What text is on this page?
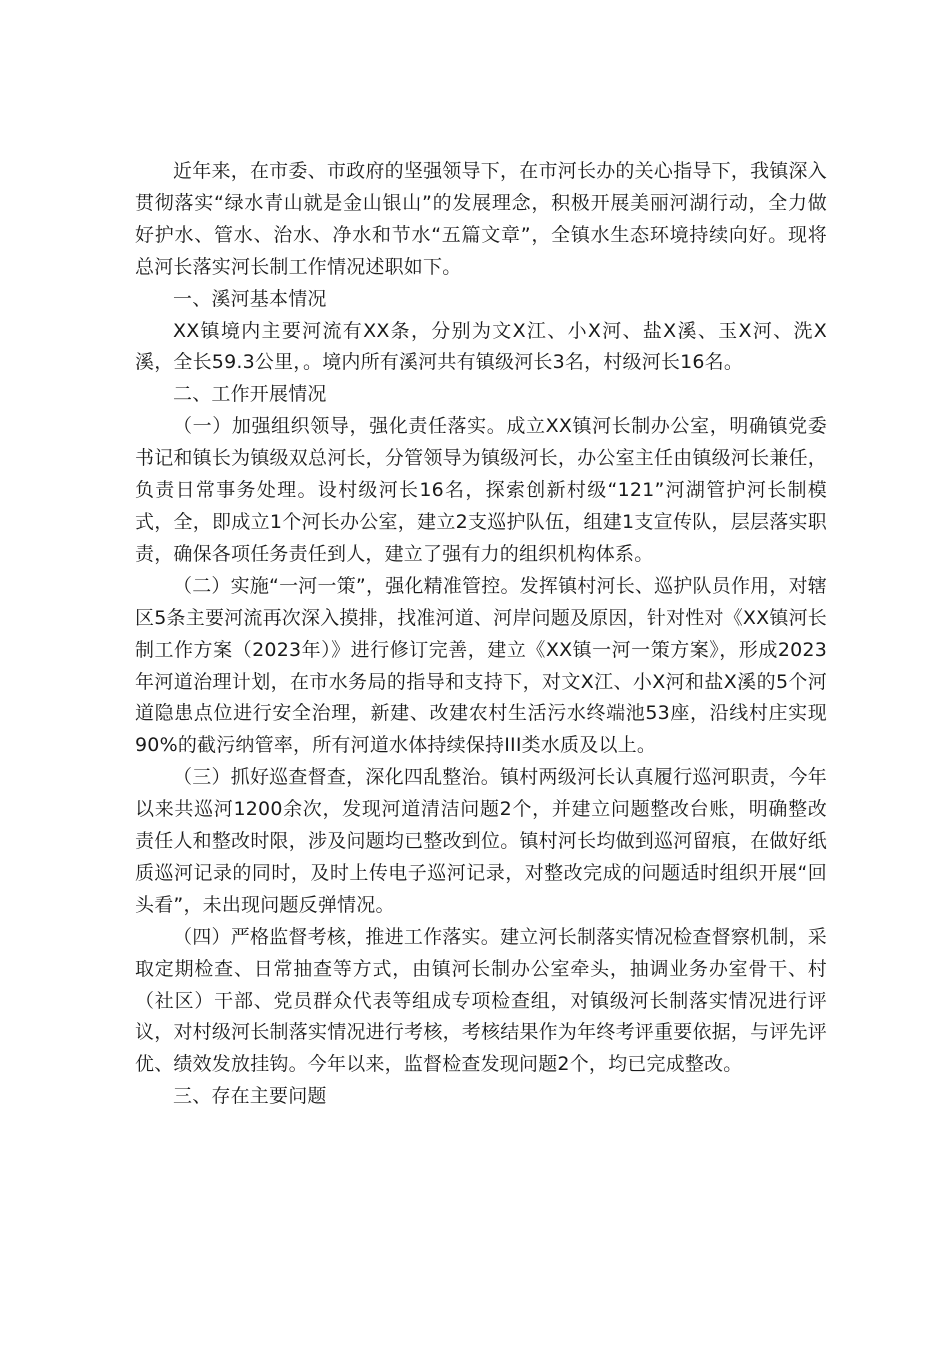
近年来，在市委、市政府的坚强领导下，在市河长办的关心指导下，我镇深入贯彻落实“绿水青山就是金山银山”的发展理念，积极开展美丽河湖行动，全力做好护水、管水、治水、净水和节水“五篇文章”，全镇水生态环境持续向好。现将总河长落实河长制工作情况述职如下。

一、溪河基本情况

XX镇境内主要河流有XX条，分别为文X江、小X河、盐X溪、玉X河、洗X溪，全长59.3公里，。境内所有溪河共有镇级河长3名，村级河长16名。

二、工作开展情况

（一）加强组织领导，强化责任落实。成立XX镇河长制办公室，明确镇党委书记和镇长为镇级双总河长，分管领导为镇级河长，办公室主任由镇级河长兼任，负责日常事务处理。设村级河长16名，探索创新村级“121”河湖管护河长制模式，全，即成立1个河长办公室，建立2支巡护队伍，组建1支宣传队，层层落实职责，确保各项任务责任到人，建立了强有力的组织机构体系。

（二）实施“一河一策”，强化精准管控。发挥镇村河长、巡护队员作用，对辖区5条主要河流再次深入摸排，找准河道、河岸问题及原因，针对性对《XX镇河长制工作方案（2023年）》进行修订完善，建立《XX镇一河一策方案》，形成2023年河道治理计划，在市水务局的指导和支持下，对文X江、小X河和盐X溪的5个河道隐患点位进行安全治理，新建、改建农村生活污水终端池53座，沿线村庄实现90%的截污纳管率，所有河道水体持续保持III类水质及以上。

（三）抓好巡查督查，深化四乱整治。镇村两级河长认真履行巡河职责，今年以来共巡河1200余次，发现河道清洁问题2个，并建立问题整改台账，明确整改责任人和整改时限，涉及问题均已整改到位。镇村河长均做到巡河留痕，在做好纸质巡河记录的同时，及时上传电子巡河记录，对整改完成的问题适时组织开展“回头看”，未出现问题反弹情况。

（四）严格监督考核，推进工作落实。建立河长制落实情况检查督察机制，采取定期检查、日常抽查等方式，由镇河长制办公室牵头，抽调业务办室骨干、村（社区）干部、党员群众代表等组成专项检查组，对镇级河长制落实情况进行评议，对村级河长制落实情况进行考核，考核结果作为年终考评重要依据，与评先评优、绩效发放挂钩。今年以来，监督检查发现问题2个，均已完成整改。

三、存在主要问题
